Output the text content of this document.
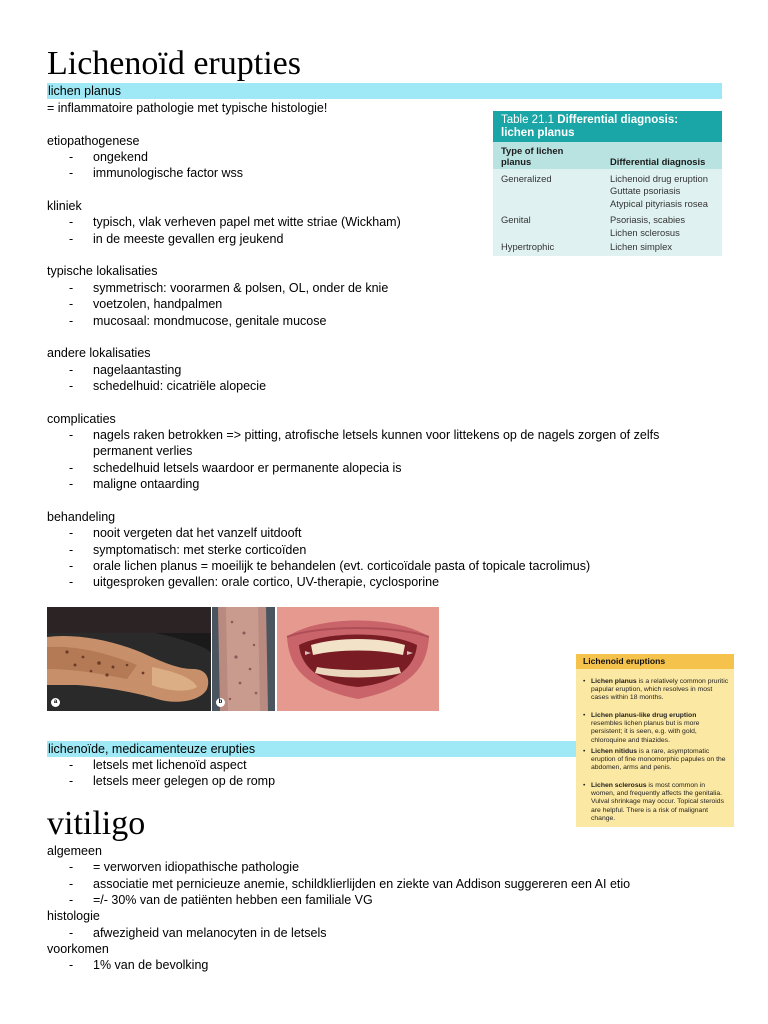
Lichenoïd erupties
lichen planus
= inflammatoire pathologie met typische histologie!
etiopathogenese
- ongekend
- immunologische factor wss
kliniek
- typisch, vlak verheven papel met witte striae (Wickham)
- in de meeste gevallen erg jeukend
typische lokalisaties
- symmetrisch: voorarmen & polsen, OL, onder de knie
- voetzolen, handpalmen
- mucosaal: mondmucose, genitale mucose
andere lokalisaties
- nagelaantasting
- schedelhuid: cicatriële alopecie
complicaties
- nagels raken betrokken => pitting, atrofische letsels kunnen voor littekens op de nagels zorgen of zelfs permanent verlies
- schedelhuid letsels waardoor er permanente alopecia is
- maligne ontaarding
behandeling
- nooit vergeten dat het vanzelf uitdooft
- symptomatisch: met sterke corticoïden
- orale lichen planus = moeilijk te behandelen (evt. corticoïdale pasta of topicale tacrolimus)
- uitgesproken gevallen: orale cortico, UV-therapie, cyclosporine
Table 21.1 Differential diagnosis:
lichen planus
Type of lichen
planus	Differential diagnosis
Generalized	Lichenoid drug eruption
Guttate psoriasis
Atypical pityriasis rosea
Genital	Psoriasis, scabies
Lichen sclerosus
Hypertrophic	Lichen simplex
a	b
Lichenoid eruptions
• Lichen planus is a relatively common pruritic papular eruption, which resolves in most cases within 18 months.
• Lichen planus-like drug eruption resembles lichen planus but is more persistent; it is seen, e.g. with gold, chloroquine and thiazides.
• Lichen nitidus is a rare, asymptomatic eruption of fine monomorphic papules on the abdomen, arms and penis.
• Lichen sclerosus is most common in women, and frequently affects the genitalia. Vulval shrinkage may occur. Topical steroids are helpful. There is a risk of malignant change.
lichenoïde, medicamenteuze erupties
- letsels met lichenoïd aspect
- letsels meer gelegen op de romp
vitiligo
algemeen
- = verworven idiopathische pathologie
- associatie met pernicieuze anemie, schildklierlijden en ziekte van Addison suggereren een AI etio
- =/- 30% van de patiënten hebben een familiale VG
histologie
- afwezigheid van melanocyten in de letsels
voorkomen
- 1% van de bevolking
